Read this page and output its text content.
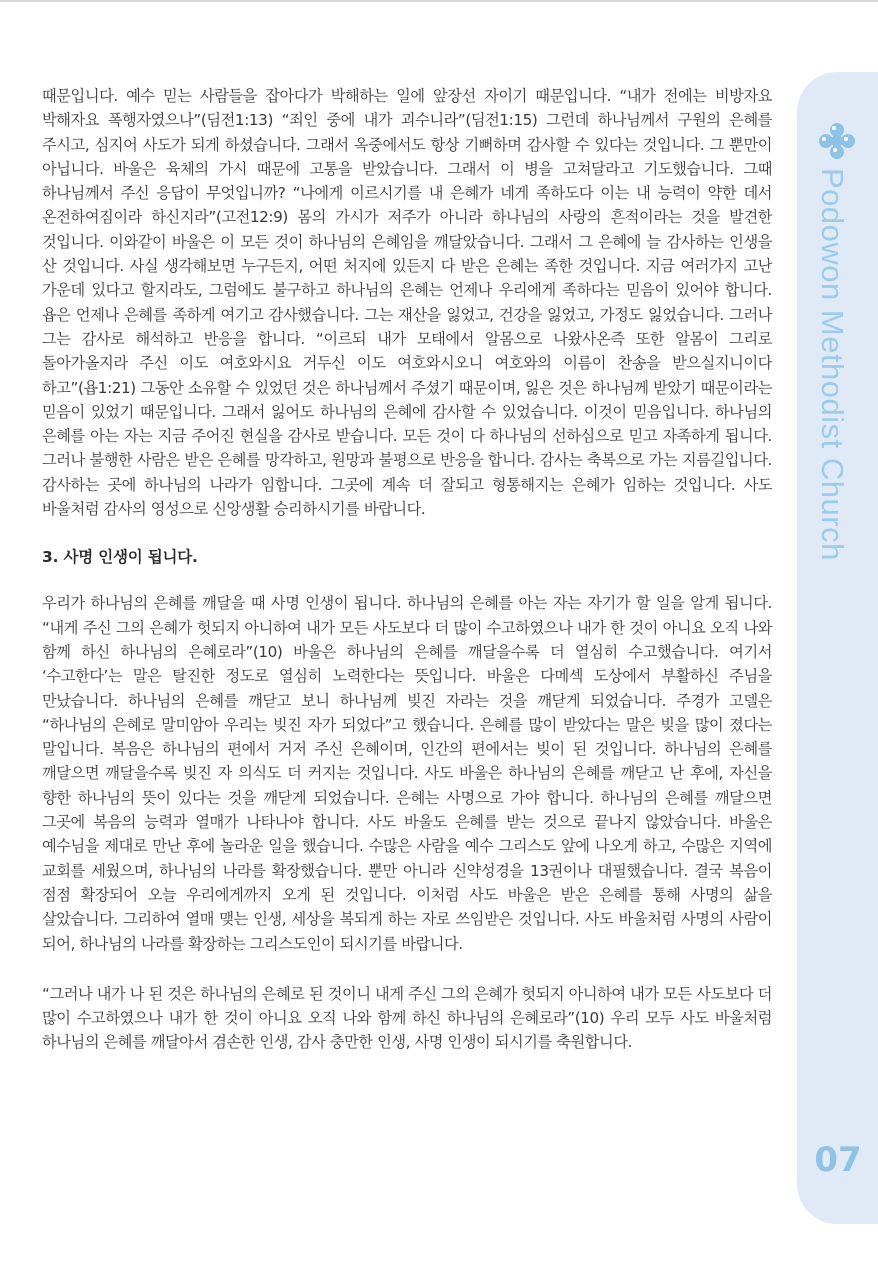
Podowon Methodist Church
07

때문입니다. 예수 믿는 사람들을 잡아다가 박해하는 일에 앞장선 자이기 때문입니다. “내가 전에는 비방자요 박해자요 폭행자였으나”(딤전1:13) “죄인 중에 내가 괴수니라”(딤전1:15) 그런데 하나님께서 구원의 은혜를 주시고, 심지어 사도가 되게 하셨습니다. 그래서 옥중에서도 항상 기뻐하며 감사할 수 있다는 것입니다. 그 뿐만이 아닙니다. 바울은 육체의 가시 때문에 고통을 받았습니다. 그래서 이 병을 고쳐달라고 기도했습니다. 그때 하나님께서 주신 응답이 무엇입니까? “나에게 이르시기를 내 은혜가 네게 족하도다 이는 내 능력이 약한 데서 온전하여짐이라 하신지라”(고전12:9) 몸의 가시가 저주가 아니라 하나님의 사랑의 흔적이라는 것을 발견한 것입니다. 이와같이 바울은 이 모든 것이 하나님의 은혜임을 깨달았습니다. 그래서 그 은혜에 늘 감사하는 인생을 산 것입니다. 사실 생각해보면 누구든지, 어떤 처지에 있든지 다 받은 은혜는 족한 것입니다. 지금 여러가지 고난 가운데 있다고 할지라도, 그럼에도 불구하고 하나님의 은혜는 언제나 우리에게 족하다는 믿음이 있어야 합니다. 욥은 언제나 은혜를 족하게 여기고 감사했습니다. 그는 재산을 잃었고, 건강을 잃었고, 가정도 잃었습니다. 그러나 그는 감사로 해석하고 반응을 합니다. “이르되 내가 모태에서 알몸으로 나왔사온즉 또한 알몸이 그리로 돌아가올지라 주신 이도 여호와시요 거두신 이도 여호와시오니 여호와의 이름이 찬송을 받으실지니이다 하고”(욥1:21) 그동안 소유할 수 있었던 것은 하나님께서 주셨기 때문이며, 잃은 것은 하나님께 받았기 때문이라는 믿음이 있었기 때문입니다. 그래서 잃어도 하나님의 은혜에 감사할 수 있었습니다. 이것이 믿음입니다. 하나님의 은혜를 아는 자는 지금 주어진 현실을 감사로 받습니다. 모든 것이 다 하나님의 선하심으로 믿고 자족하게 됩니다. 그러나 불행한 사람은 받은 은혜를 망각하고, 원망과 불평으로 반응을 합니다. 감사는 축복으로 가는 지름길입니다. 감사하는 곳에 하나님의 나라가 임합니다. 그곳에 계속 더 잘되고 형통해지는 은혜가 임하는 것입니다. 사도 바울처럼 감사의 영성으로 신앙생활 승리하시기를 바랍니다.

3. 사명 인생이 됩니다.

우리가 하나님의 은혜를 깨달을 때 사명 인생이 됩니다. 하나님의 은혜를 아는 자는 자기가 할 일을 알게 됩니다. “내게 주신 그의 은혜가 헛되지 아니하여 내가 모든 사도보다 더 많이 수고하였으나 내가 한 것이 아니요 오직 나와 함께 하신 하나님의 은혜로라”(10) 바울은 하나님의 은혜를 깨달을수록 더 열심히 수고했습니다. 여기서 ‘수고한다’는 말은 탈진한 정도로 열심히 노력한다는 뜻입니다. 바울은 다메섹 도상에서 부활하신 주님을 만났습니다. 하나님의 은혜를 깨닫고 보니 하나님께 빚진 자라는 것을 깨닫게 되었습니다. 주경가 고델은 “하나님의 은혜로 말미암아 우리는 빚진 자가 되었다”고 했습니다. 은혜를 많이 받았다는 말은 빚을 많이 졌다는 말입니다. 복음은 하나님의 편에서 거저 주신 은혜이며, 인간의 편에서는 빚이 된 것입니다. 하나님의 은혜를 깨달으면 깨달을수록 빚진 자 의식도 더 커지는 것입니다. 사도 바울은 하나님의 은혜를 깨닫고 난 후에, 자신을 향한 하나님의 뜻이 있다는 것을 깨닫게 되었습니다. 은혜는 사명으로 가야 합니다. 하나님의 은혜를 깨달으면 그곳에 복음의 능력과 열매가 나타나야 합니다. 사도 바울도 은혜를 받는 것으로 끝나지 않았습니다. 바울은 예수님을 제대로 만난 후에 놀라운 일을 했습니다. 수많은 사람을 예수 그리스도 앞에 나오게 하고, 수많은 지역에 교회를 세웠으며, 하나님의 나라를 확장했습니다. 뿐만 아니라 신약성경을 13권이나 대필했습니다. 결국 복음이 점점 확장되어 오늘 우리에게까지 오게 된 것입니다. 이처럼 사도 바울은 받은 은혜를 통해 사명의 삶을 살았습니다. 그리하여 열매 맺는 인생, 세상을 복되게 하는 자로 쓰임받은 것입니다. 사도 바울처럼 사명의 사람이 되어, 하나님의 나라를 확장하는 그리스도인이 되시기를 바랍니다.

“그러나 내가 나 된 것은 하나님의 은혜로 된 것이니 내게 주신 그의 은혜가 헛되지 아니하여 내가 모든 사도보다 더 많이 수고하였으나 내가 한 것이 아니요 오직 나와 함께 하신 하나님의 은혜로라”(10) 우리 모두 사도 바울처럼 하나님의 은혜를 깨달아서 겸손한 인생, 감사 충만한 인생, 사명 인생이 되시기를 축원합니다.
